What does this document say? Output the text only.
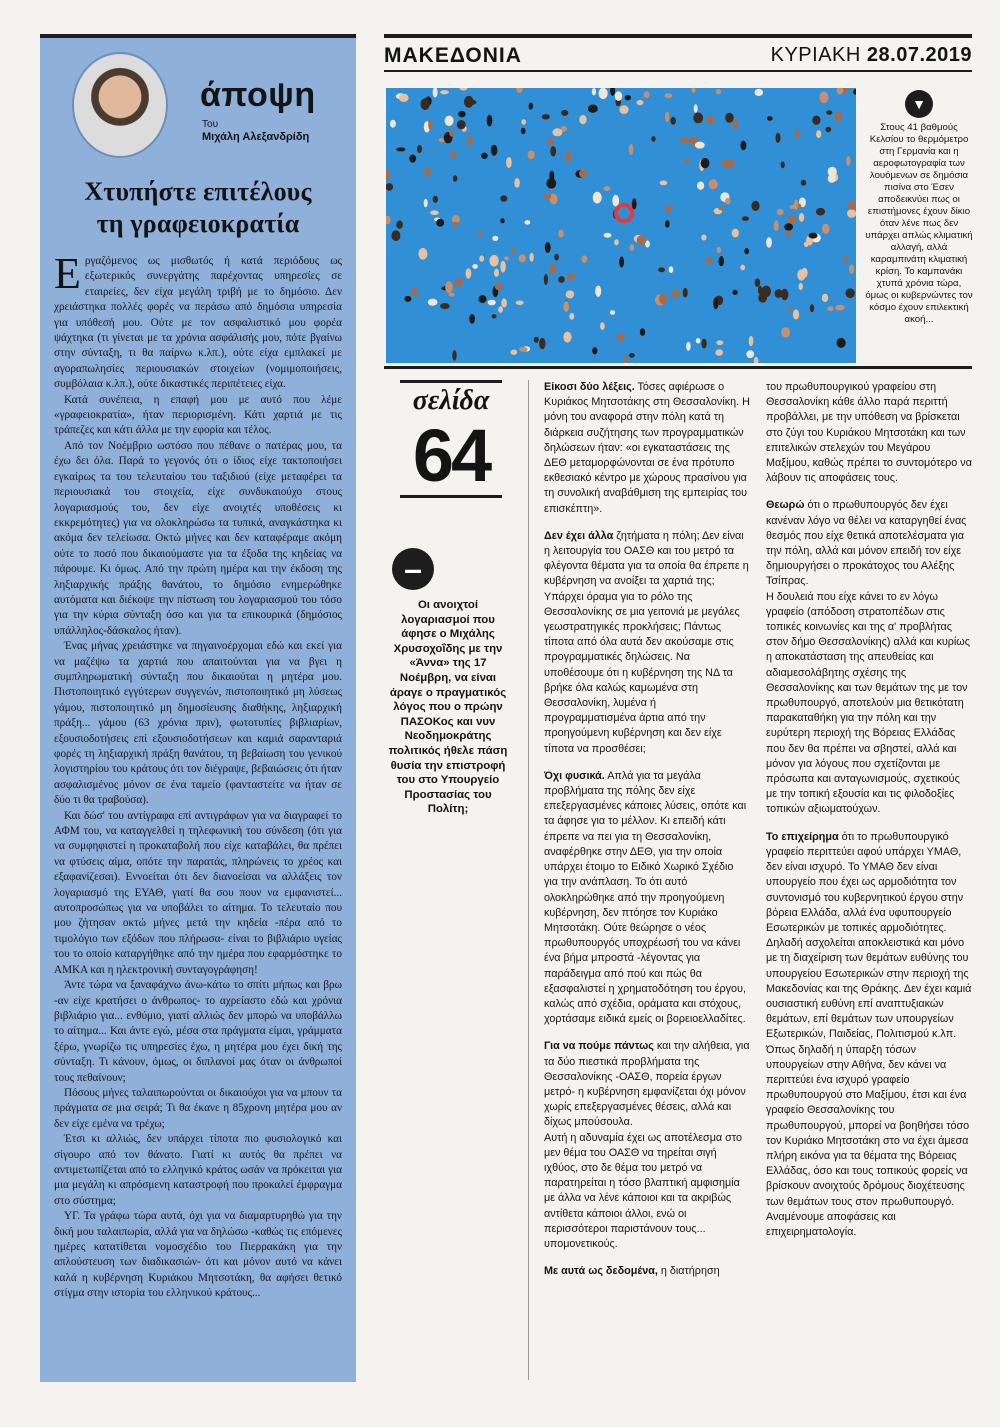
άποψη
Του
Μιχάλη Αλεξανδρίδη
Χτυπήστε επιτέλους
τη γραφειοκρατία

Εργαζόμενος ως μισθωτός ή κατά περιόδους ως εξωτερικός συνεργάτης παρέχοντας υπηρεσίες σε εταιρείες, δεν είχα μεγάλη τριβή με το δημόσιο. Δεν χρειάστηκα πολλές φορές να περάσω από δημόσια υπηρεσία για υπόθεσή μου. Ούτε με τον ασφαλιστικό μου φορέα ψάχτηκα (τι γίνεται με τα χρόνια ασφάλισής μου, πότε βγαίνω στην σύνταξη, τι θα παίρνω κ.λπ.), ούτε είχα εμπλακεί με αγοραπωλησίες περιουσιακών στοιχείων (νομιμοποιήσεις, συμβόλαια κ.λπ.), ούτε δικαστικές περιπέτειες είχα.

Κατά συνέπεια, η επαφή μου με αυτό που λέμε «γραφειοκρατία», ήταν περιορισμένη. Κάτι χαρτιά με τις τράπεζες και κάτι άλλα με την εφορία και τέλος.

Από τον Νοέμβριο ωστόσο που πέθανε ο πατέρας μου, τα έχω δει όλα. Παρά το γεγονός ότι ο ίδιος είχε τακτοποιήσει εγκαίρως τα του τελευταίου του ταξιδιού (είχε μεταφέρει τα περιουσιακά του στοιχεία, είχε συνδυκαιούχο στους λογαριασμούς του, δεν είχε ανοιχτές υποθέσεις κι εκκρεμότητες) για να ολοκληρώσω τα τυπικά, αναγκάστηκα κι ακόμα δεν τελείωσα. Οκτώ μήνες και δεν καταφέραμε ακόμη ούτε το ποσό που δικαιούμαστε για τα έξοδα της κηδείας να πάρουμε. Κι όμως. Από την πρώτη ημέρα και την έκδοση της ληξιαρχικής πράξης θανάτου, το δημόσιο ενημερώθηκε αυτόματα και διέκοψε την πίστωση του λογαριασμού του τόσο για την κύρια σύνταξη όσο και για τα επικουρικά (δημόσιος υπάλληλος-δάσκαλος ήταν).

Ένας μήνας χρειάστηκε να πηγαινοέρχομαι εδώ και εκεί για να μαζέψω τα χαρτιά που απαιτούνται για να βγει η συμπληρωματική σύνταξη που δικαιούται η μητέρα μου. Πιστοποιητικό εγγύτερων συγγενών, πιστοποιητικό μη λύσεως γάμου, πιστοποιητικό μη δημοσίευσης διαθήκης, ληξιαρχική πράξη... γάμου (63 χρόνια πριν), φωτοτυπίες βιβλιαρίων, εξουσιοδοτήσεις επί εξουσιοδοτήσεων και καμιά σαρανταριά φορές τη ληξιαρχική πράξη θανάτου, τη βεβαίωση του γενικού λογιστηρίου του κράτους ότι τον διέγραψε, βεβαιώσεις ότι ήταν ασφαλισμένος μόνον σε ένα ταμείο (φανταστείτε να ήταν σε δύο τι θα τραβούσα).

Και δώσ' του αντίγραφα επί αντιγράφων για να διαγραφεί το ΑΦΜ του, να καταγγελθεί η τηλεφωνική του σύνδεση (ότι για να συμφηφιστεί η προκαταβολή που είχε καταβάλει, θα πρέπει να φτύσεις αίμα, οπότε την παρατάς, πληρώνεις το χρέος και εξαφανίζεσαι). Εννοείται ότι δεν διανοείσαι να αλλάξεις τον λογαριασμό της ΕΥΑΘ, γιατί θα σου πουν να εμφανιστεί... αυτοπροσώπως για να υποβάλει το αίτημα. Το τελευταίο που μου ζήτησαν οκτώ μήνες μετά την κηδεία -πέρα από το τιμολόγιο των εξόδων που πλήρωσα- είναι το βιβλιάριο υγείας του το οποίο καταργήθηκε από την ημέρα που εφαρμόστηκε το ΑΜΚΑ και η ηλεκτρονική συνταγογράφηση!

Άντε τώρα να ξαναφάχνω άνω-κάτω το σπίτι μήπως και βρω -αν είχε κρατήσει ο άνθρωπος- το αχρείαστο εδώ και χρόνια βιβλιάριο για... ενθύμιο, γιατί αλλιώς δεν μπορώ να υποβάλλω το αίτημα... Και άντε εγώ, μέσα στα πράγματα είμαι, γράμματα ξέρω, γνωρίζω τις υπηρεσίες έχω, η μητέρα μου έχει δική της σύνταξη. Τι κάνουν, όμως, οι διπλανοί μας όταν οι άνθρωποί τους πεθαίνουν;

Πόσους μήνες ταλαιπωρούνται οι δικαιούχοι για να μπουν τα πράγματα σε μια σειρά; Τι θα έκανε η 85χρονη μητέρα μου αν δεν είχε εμένα να τρέχω;

Έτσι κι αλλιώς, δεν υπάρχει τίποτα πιο φυσιολογικό και σίγουρο από τον θάνατο. Γιατί κι αυτός θα πρέπει να αντιμετωπίζεται από το ελληνικό κράτος ωσάν να πρόκειται για μια μεγάλη κι απρόσμενη καταστροφή που προκαλεί έμφραγμα στο σύστημα;

ΥΓ. Τα γράφω τώρα αυτά, όχι για να διαμαρτυρηθώ για την δική μου ταλαιπωρία, αλλά για να δηλώσω -καθώς τις επόμενες ημέρες κατατίθεται νομοσχέδιο του Πιερρακάκη για την απλούστευση των διαδικασιών- ότι και μόνον αυτό να κάνει καλά η κυβέρνηση Κυριάκου Μητσοτάκη, θα αφήσει θετικό στίγμα στην ιστορία του ελληνικού κράτους...

ΜΑΚΕΔΟΝΙΑ	ΚΥΡΙΑΚΗ 28.07.2019
▼
Στους 41 βαθμούς Κελσίου το θερμόμετρο στη Γερμανία και η αεροφωτογραφία των λουόμενων σε δημόσια πισίνα στο Έσεν αποδεικνύει πως οι επιστήμονες έχουν δίκιο όταν λένε πως δεν υπάρχει απλώς κλιματική αλλαγή, αλλά καραμπινάτη κλιματική κρίση. Το καμπανάκι χτυπά χρόνια τώρα, όμως οι κυβερνώντες τον κόσμο έχουν επιλεκτική ακοή...
σελίδα
64
–
Οι ανοιχτοί λογαριασμοί που άφησε ο Μιχάλης Χρυσοχοΐδης με την «Άννα» της 17 Νοέμβρη, να είναι άραγε ο πραγματικός λόγος που ο πρώην ΠΑΣΟΚος και νυν Νεοδημοκράτης πολιτικός ήθελε πάση θυσία την επιστροφή του στο Υπουργείο Προστασίας του Πολίτη;

Είκοσι δύο λέξεις. Τόσες αφιέρωσε ο Κυριάκος Μητσοτάκης στη Θεσσαλονίκη. Η μόνη του αναφορά στην πόλη κατά τη διάρκεια συζήτησης των προγραμματικών δηλώσεων ήταν: «οι εγκαταστάσεις της ΔΕΘ μεταμορφώνονται σε ένα πρότυπο εκθεσιακό κέντρο με χώρους πρασίνου για τη συνολική αναβάθμιση της εμπειρίας του επισκέπτη».

Δεν έχει άλλα ζητήματα η πόλη; Δεν είναι η λειτουργία του ΟΑΣΘ και του μετρό τα φλέγοντα θέματα για τα οποία θα έπρεπε η κυβέρνηση να ανοίξει τα χαρτιά της; Υπάρχει όραμα για το ρόλο της Θεσσαλονίκης σε μια γειτονιά με μεγάλες γεωστρατηγικές προκλήσεις; Πάντως τίποτα από όλα αυτά δεν ακούσαμε στις προγραμματικές δηλώσεις. Να υποθέσουμε ότι η κυβέρνηση της ΝΔ τα βρήκε όλα καλώς καμωμένα στη Θεσσαλονίκη, λυμένα ή προγραμματισμένα άρτια από την προηγούμενη κυβέρνηση και δεν είχε τίποτα να προσθέσει;

Όχι φυσικά. Απλά για τα μεγάλα προβλήματα της πόλης δεν είχε επεξεργασμένες κάποιες λύσεις, οπότε και τα άφησε για το μέλλον. Κι επειδή κάτι έπρεπε να πει για τη Θεσσαλονίκη, αναφέρθηκε στην ΔΕΘ, για την οποία υπάρχει έτοιμο το Ειδικό Χωρικό Σχέδιο για την ανάπλαση. Το ότι αυτό ολοκληρώθηκε από την προηγούμενη κυβέρνηση, δεν πτόησε τον Κυριάκο Μητσοτάκη. Ούτε θεώρησε ο νέος πρωθυπουργός υποχρέωσή του να κάνει ένα βήμα μπροστά -λέγοντας για παράδειγμα από πού και πώς θα εξασφαλιστεί η χρηματοδότηση του έργου, καλώς από σχέδια, οράματα και στόχους, χορτάσαμε ειδικά εμείς οι βορειοελλαδίτες.

Για να πούμε πάντως και την αλήθεια, για τα δύο πιεστικά προβλήματα της Θεσσαλονίκης -ΟΑΣΘ, πορεία έργων μετρό- η κυβέρνηση εμφανίζεται όχι μόνον χωρίς επεξεργασμένες θέσεις, αλλά και δίχως μπούσουλα.

Αυτή η αδυναμία έχει ως αποτέλεσμα στο μεν θέμα του ΟΑΣΘ να τηρείται σιγή ιχθύος, στο δε θέμα του μετρό να παρατηρείται η τόσο βλαπτική αμφισημία με άλλα να λένε κάποιοι και τα ακριβώς αντίθετα κάποιοι άλλοι, ενώ οι περισσότεροι παριστάνουν τους... υπομονετικούς.

Με αυτά ως δεδομένα, η διατήρηση

του πρωθυπουργικού γραφείου στη Θεσσαλονίκη κάθε άλλο παρά περιττή προβάλλει, με την υπόθεση να βρίσκεται στο ζύγι του Κυριάκου Μητσοτάκη και των επιτελικών στελεχών του Μεγάρου Μαξίμου, καθώς πρέπει το συντομότερο να λάβουν τις αποφάσεις τους.

Θεωρώ ότι ο πρωθυπουργός δεν έχει κανέναν λόγο να θέλει να καταργηθεί ένας θεσμός που είχε θετικά αποτελέσματα για την πόλη, αλλά και μόνον επειδή τον είχε δημιουργήσει ο προκάτοχος του Αλέξης Τσίπρας.

Η δουλειά που είχε κάνει το εν λόγω γραφείο (απόδοση στρατοπέδων στις τοπικές κοινωνίες και της α' προβλήτας στον δήμο Θεσσαλονίκης) αλλά και κυρίως η αποκατάσταση της απευθείας και αδιαμεσολάβητης σχέσης της Θεσσαλονίκης και των θεμάτων της με τον πρωθυπουργό, αποτελούν μια θετικότατη παρακαταθήκη για την πόλη και την ευρύτερη περιοχή της Βόρειας Ελλάδας που δεν θα πρέπει να σβηστεί, αλλά και μόνον για λόγους που σχετίζονται με πρόσωπα και ανταγωνισμούς, σχετικούς με την τοπική εξουσία και τις φιλοδοξίες τοπικών αξιωματούχων.

Το επιχείρημα ότι το πρωθυπουργικό γραφείο περιττεύει αφού υπάρχει ΥΜΑΘ, δεν είναι ισχυρό. Το ΥΜΑΘ δεν είναι υπουργείο που έχει ως αρμοδιότητα τον συντονισμό του κυβερνητικού έργου στην βόρεια Ελλάδα, αλλά ένα υφυπουργείο Εσωτερικών με τοπικές αρμοδιότητες. Δηλαδή ασχολείται αποκλειστικά και μόνο με τη διαχείριση των θεμάτων ευθύνης του υπουργείου Εσωτερικών στην περιοχή της Μακεδονίας και της Θράκης. Δεν έχει καμιά ουσιαστική ευθύνη επί αναπτυξιακών θεμάτων, επί θεμάτων των υπουργείων Εξωτερικών, Παιδείας, Πολιτισμού κ.λπ. Όπως δηλαδή η ύπαρξη τόσων υπουργείων στην Αθήνα, δεν κάνει να περιττεύει ένα ισχυρό γραφείο πρωθυπουργού στο Μαξίμου, έτσι και ένα γραφείο Θεσσαλονίκης του πρωθυπουργού, μπορεί να βοηθήσει τόσο τον Κυριάκο Μητσοτάκη στο να έχει άμεσα πλήρη εικόνα για τα θέματα της Βόρειας Ελλάδας, όσο και τους τοπικούς φορείς να βρίσκουν ανοιχτούς δρόμους διοχέτευσης των θεμάτων τους στον πρωθυπουργό.

Αναμένουμε αποφάσεις και επιχειρηματολογία.
